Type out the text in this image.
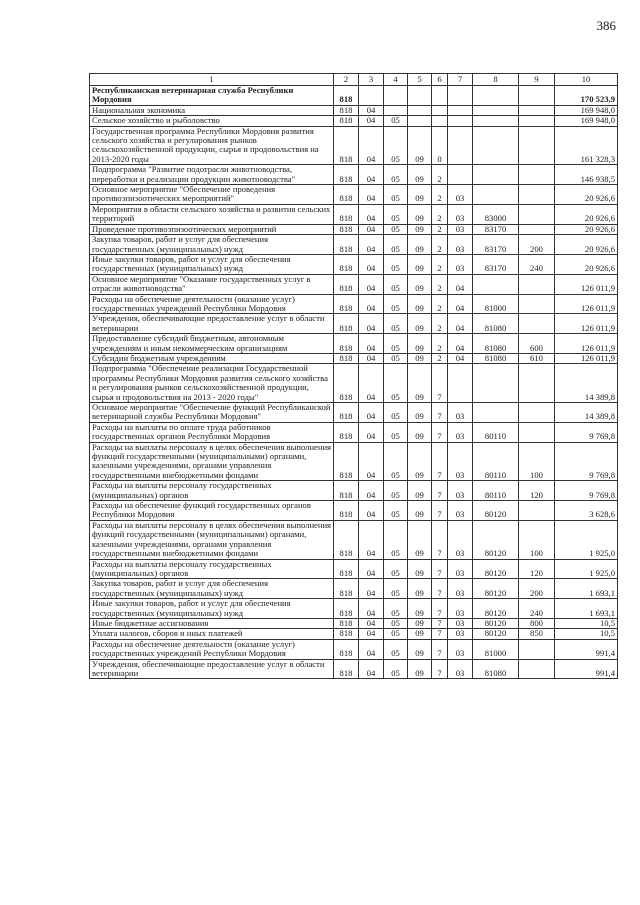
386
1	2	3	4	5	6	7	8	9	10
Республиканская ветеринарная служба Республики Мордовия	818								170 523,9
Национальная экономика	818	04							169 948,0
Сельское хозяйство и рыболовство	818	04	05						169 948,0
Государственная программа Республики Мордовия развития сельского хозяйства и регулирования рынков сельскохозяйственной продукции, сырья и продовольствия на 2013-2020 годы	818	04	05	09	0				161 328,3
Подпрограмма "Развитие подотрасли животноводства, переработки и реализации продукции животноводства"	818	04	05	09	2				146 938,5
Основное мероприятие "Обеспечение проведения противоэпизоотических мероприятий"	818	04	05	09	2	03			20 926,6
Мероприятия в области сельского хозяйства и развития сельских территорий	818	04	05	09	2	03	83000		20 926,6
Проведение противоэпизоотических мероприятий	818	04	05	09	2	03	83170		20 926,6
Закупка товаров, работ и услуг для обеспечения государственных (муниципальных) нужд	818	04	05	09	2	03	83170	200	20 926,6
Иные закупки товаров, работ и услуг для обеспечения государственных (муниципальных) нужд	818	04	05	09	2	03	83170	240	20 926,6
Основное мероприятие "Оказание государственных услуг в отрасли животноводства"	818	04	05	09	2	04			126 011,9
Расходы на обеспечение деятельности (оказание услуг) государственных учреждений Республики Мордовия	818	04	05	09	2	04	81000		126 011,9
Учреждения, обеспечивающие предоставление услуг в области ветеринарии	818	04	05	09	2	04	81080		126 011,9
Предоставление субсидий бюджетным, автономным учреждениям и иным некоммерческим организациям	818	04	05	09	2	04	81080	600	126 011,9
Субсидии бюджетным учреждениям	818	04	05	09	2	04	81080	610	126 011,9
Подпрограмма "Обеспечение реализации Государственной программы Республики Мордовия развития сельского хозяйства и регулирования рынков сельскохозяйственной продукции, сырья и продовольствия на 2013 - 2020 годы"	818	04	05	09	7				14 389,8
Основное мероприятие "Обеспечение функций Республиканской ветеринарной службы Республики Мордовия"	818	04	05	09	7	03			14 389,8
Расходы на выплаты по оплате труда работников государственных органов Республики Мордовия	818	04	05	09	7	03	80110		9 769,8
Расходы на выплаты персоналу в целях обеспечения выполнения функций государственными (муниципальными) органами, казенными учреждениями, органами управления государственными внебюджетными фондами	818	04	05	09	7	03	80110	100	9 769,8
Расходы на выплаты персоналу государственных (муниципальных) органов	818	04	05	09	7	03	80110	120	9 769,8
Расходы на обеспечение функций государственных органов Республики Мордовия	818	04	05	09	7	03	80120		3 628,6
Расходы на выплаты персоналу в целях обеспечения выполнения функций государственными (муниципальными) органами, казенными учреждениями, органами управления государственными внебюджетными фондами	818	04	05	09	7	03	80120	100	1 925,0
Расходы на выплаты персоналу государственных (муниципальных) органов	818	04	05	09	7	03	80120	120	1 925,0
Закупка товаров, работ и услуг для обеспечения государственных (муниципальных) нужд	818	04	05	09	7	03	80120	200	1 693,1
Иные закупки товаров, работ и услуг для обеспечения государственных (муниципальных) нужд	818	04	05	09	7	03	80120	240	1 693,1
Иные бюджетные ассигнования	818	04	05	09	7	03	80120	800	10,5
Уплата налогов, сборов и иных платежей	818	04	05	09	7	03	80120	850	10,5
Расходы на обеспечение деятельности (оказание услуг) государственных учреждений Республики Мордовия	818	04	05	09	7	03	81000		991,4
Учреждения, обеспечивающие предоставление услуг в области ветеринарии	818	04	05	09	7	03	81080		991,4
